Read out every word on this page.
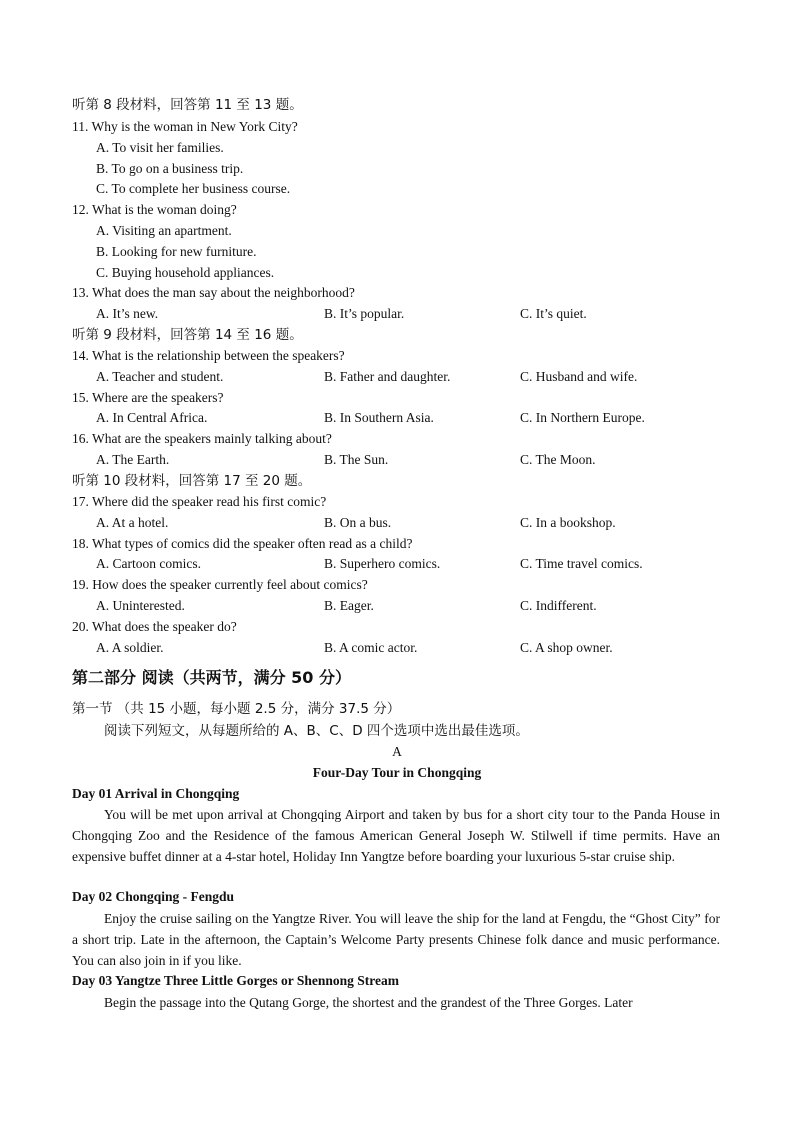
听第 8 段材料，回答第 11 至 13 题。
11. Why is the woman in New York City?
A. To visit her families.
B. To go on a business trip.
C. To complete her business course.
12. What is the woman doing?
A. Visiting an apartment.
B. Looking for new furniture.
C. Buying household appliances.
13. What does the man say about the neighborhood?
A. It’s new.	B. It’s popular.	C. It’s quiet.
听第 9 段材料，回答第 14 至 16 题。
14. What is the relationship between the speakers?
A. Teacher and student.	B. Father and daughter.	C. Husband and wife.
15. Where are the speakers?
A. In Central Africa.	B. In Southern Asia.	C. In Northern Europe.
16. What are the speakers mainly talking about?
A. The Earth.	B. The Sun.	C. The Moon.
听第 10 段材料，回答第 17 至 20 题。
17. Where did the speaker read his first comic?
A. At a hotel.	B. On a bus.	C. In a bookshop.
18. What types of comics did the speaker often read as a child?
A. Cartoon comics.	B. Superhero comics.	C. Time travel comics.
19. How does the speaker currently feel about comics?
A. Uninterested.	B. Eager.	C. Indifferent.
20. What does the speaker do?
A. A soldier.	B. A comic actor.	C. A shop owner.
第二部分 阅读（共两节，满分 50 分）
第一节 （共 15 小题，每小题 2.5 分，满分 37.5 分）
阅读下列短文，从每题所给的 A、B、C、D 四个选项中选出最佳选项。
A
Four-Day Tour in Chongqing
Day 01 Arrival in Chongqing
You will be met upon arrival at Chongqing Airport and taken by bus for a short city tour to the Panda House in Chongqing Zoo and the Residence of the famous American General Joseph W. Stilwell if time permits. Have an expensive buffet dinner at a 4-star hotel, Holiday Inn Yangtze before boarding your luxurious 5-star cruise ship.
Day 02 Chongqing - Fengdu
Enjoy the cruise sailing on the Yangtze River. You will leave the ship for the land at Fengdu, the “Ghost City” for a short trip. Late in the afternoon, the Captain’s Welcome Party presents Chinese folk dance and music performance. You can also join in if you like.
Day 03 Yangtze Three Little Gorges or Shennong Stream
Begin the passage into the Qutang Gorge, the shortest and the grandest of the Three Gorges. Later
